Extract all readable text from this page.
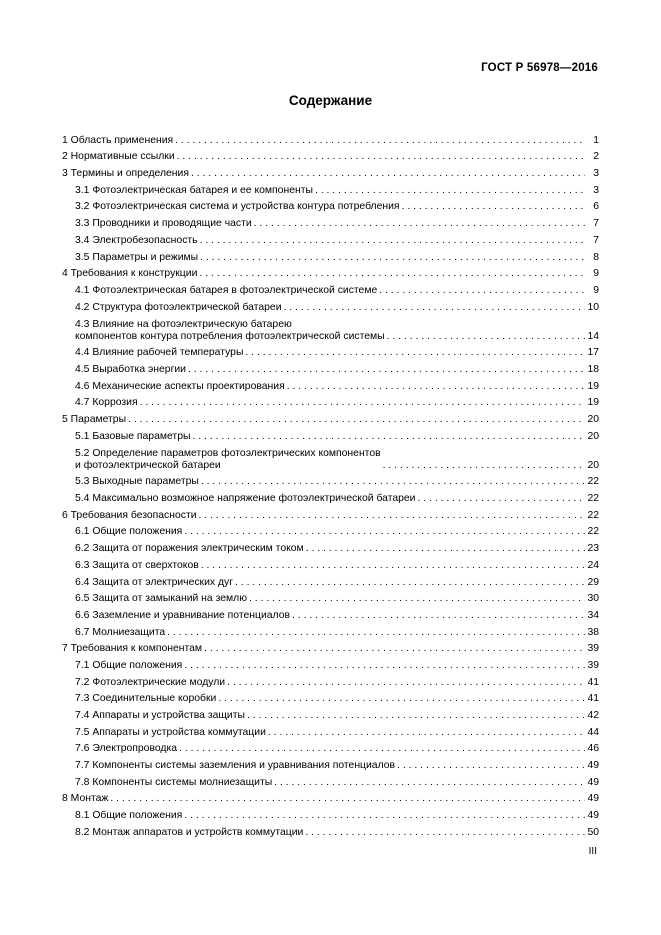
ГОСТ Р 56978—2016
Содержание
1 Область применения . . .	1
2 Нормативные ссылки . . .	2
3 Термины и определения . . .	3
3.1 Фотоэлектрическая батарея и ее компоненты . . .	3
3.2 Фотоэлектрическая система и устройства контура потребления . . .	6
3.3 Проводники и проводящие части . . .	7
3.4 Электробезопасность . . .	7
3.5 Параметры и режимы . . .	8
4 Требования к конструкции . . .	9
4.1 Фотоэлектрическая батарея в фотоэлектрической системе . . .	9
4.2 Структура фотоэлектрической батареи . . .	10
4.3 Влияние на фотоэлектрическую батарею
компонентов контура потребления фотоэлектрической системы . . .	14
4.4 Влияние рабочей температуры . . .	17
4.5 Выработка энергии . . .	18
4.6 Механические аспекты проектирования . . .	19
4.7 Коррозия . . .	19
5 Параметры . . .	20
5.1 Базовые параметры . . .	20
5.2 Определение параметров фотоэлектрических компонентов
и фотоэлектрической батареи . . .	20
5.3 Выходные параметры . . .	22
5.4 Максимально возможное напряжение фотоэлектрической батареи . . .	22
6 Требования безопасности . . .	22
6.1 Общие положения . . .	22
6.2 Защита от поражения электрическим током . . .	23
6.3 Защита от сверхтоков . . .	24
6.4 Защита от электрических дуг . . .	29
6.5 Защита от замыканий на землю . . .	30
6.6 Заземление и уравнивание потенциалов . . .	34
6.7 Молниезащита . . .	38
7 Требования к компонентам . . .	39
7.1 Общие положения . . .	39
7.2 Фотоэлектрические модули . . .	41
7.3 Соединительные коробки . . .	41
7.4 Аппараты и устройства защиты . . .	42
7.5 Аппараты и устройства коммутации . . .	44
7.6 Электропроводка . . .	46
7.7 Компоненты системы заземления и уравнивания потенциалов . . .	49
7.8 Компоненты системы молниезащиты . . .	49
8 Монтаж . . .	49
8.1 Общие положения . . .	49
8.2 Монтаж аппаратов и устройств коммутации . . .	50
III
